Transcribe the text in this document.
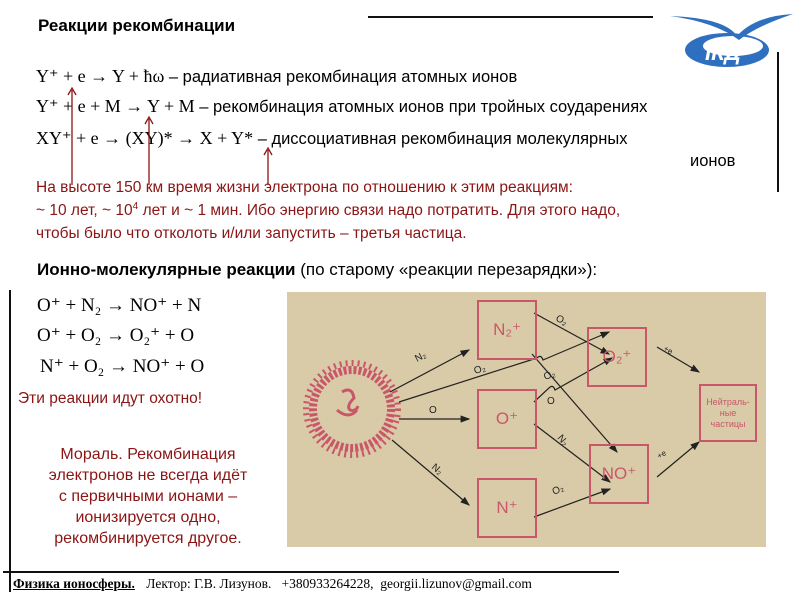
ІКД
Реакции рекомбинации
Y⁺ + e → Y + ħω – радиативная рекомбинация атомных ионов
Y⁺ + e + M → Y + M – рекомбинация атомных ионов при тройных соударениях
XY⁺ + e → (XY)* → X + Y* – диссоциативная рекомбинация молекулярных
ионов
На высоте 150 км время жизни электрона по отношению к этим реакциям:
~ 10 лет, ~ $10^4$ лет и ~ 1 мин. Ибо энергию связи надо потратить. Для этого надо,
чтобы было что отколоть и/или запустить – третья частица.
Ионно-молекулярные реакции (по старому «реакции перезарядки»):
O⁺ + N₂ → NO⁺ + N
O⁺ + O₂ → O₂⁺ + O
N⁺ + O₂ → NO⁺ + O
Эти реакции идут охотно!
Мораль. Рекомбинация
электронов не всегда идёт
с первичными ионами –
ионизируется одно,
рекомбинируется другое.
N₂
O₂
O
N₂
O₂
O₂
O
N₂
O₂
+e
+e
N₂⁺
O⁺
N⁺
O₂⁺
NO⁺
Нейтраль-
ные
частицы
Физика ионосферы. Лектор: Г.В. Лизунов. +380933264228, georgii.lizunov@gmail.com
